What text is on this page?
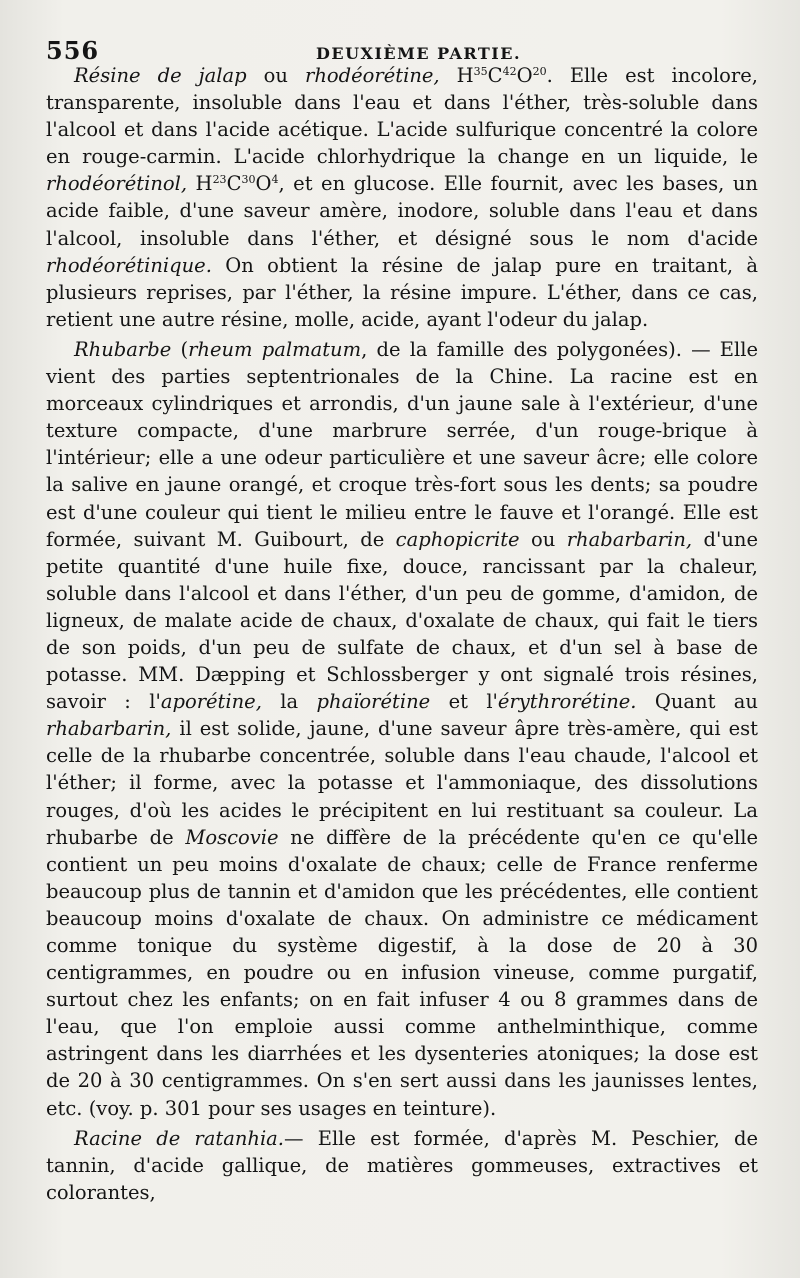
556	DEUXIÈME PARTIE.

Résine de jalap ou rhodéorétine, $H^{35}C^{42}O^{20}$. Elle est incolore, transparente, insoluble dans l'eau et dans l'éther, très-soluble dans l'alcool et dans l'acide acétique. L'acide sulfurique concentré la colore en rouge-carmin. L'acide chlorhydrique la change en un liquide, le rhodéorétinol, $H^{23}C^{30}O^4$, et en glucose. Elle fournit, avec les bases, un acide faible, d'une saveur amère, inodore, soluble dans l'eau et dans l'alcool, insoluble dans l'éther, et désigné sous le nom d'acide rhodéorétinique. On obtient la résine de jalap pure en traitant, à plusieurs reprises, par l'éther, la résine impure. L'éther, dans ce cas, retient une autre résine, molle, acide, ayant l'odeur du jalap.

Rhubarbe (rheum palmatum, de la famille des polygonées). — Elle vient des parties septentrionales de la Chine. La racine est en morceaux cylindriques et arrondis, d'un jaune sale à l'extérieur, d'une texture compacte, d'une marbrure serrée, d'un rouge-brique à l'intérieur; elle a une odeur particulière et une saveur âcre; elle colore la salive en jaune orangé, et croque très-fort sous les dents; sa poudre est d'une couleur qui tient le milieu entre le fauve et l'orangé. Elle est formée, suivant M. Guibourt, de caphopicrite ou rhabarbarin, d'une petite quantité d'une huile fixe, douce, rancissant par la chaleur, soluble dans l'alcool et dans l'éther, d'un peu de gomme, d'amidon, de ligneux, de malate acide de chaux, d'oxalate de chaux, qui fait le tiers de son poids, d'un peu de sulfate de chaux, et d'un sel à base de potasse. MM. Dæpping et Schlossberger y ont signalé trois résines, savoir : l'aporétine, la phaïorétine et l'érythrorétine. Quant au rhabarbarin, il est solide, jaune, d'une saveur âpre très-amère, qui est celle de la rhubarbe concentrée, soluble dans l'eau chaude, l'alcool et l'éther; il forme, avec la potasse et l'ammoniaque, des dissolutions rouges, d'où les acides le précipitent en lui restituant sa couleur. La rhubarbe de Moscovie ne diffère de la précédente qu'en ce qu'elle contient un peu moins d'oxalate de chaux; celle de France renferme beaucoup plus de tannin et d'amidon que les précédentes, elle contient beaucoup moins d'oxalate de chaux. On administre ce médicament comme tonique du système digestif, à la dose de 20 à 30 centigrammes, en poudre ou en infusion vineuse, comme purgatif, surtout chez les enfants; on en fait infuser 4 ou 8 grammes dans de l'eau, que l'on emploie aussi comme anthelminthique, comme astringent dans les diarrhées et les dysenteries atoniques; la dose est de 20 à 30 centigrammes. On s'en sert aussi dans les jaunisses lentes, etc. (voy. p. 301 pour ses usages en teinture).

Racine de ratanhia.— Elle est formée, d'après M. Peschier, de tannin, d'acide gallique, de matières gommeuses, extractives et colorantes,
